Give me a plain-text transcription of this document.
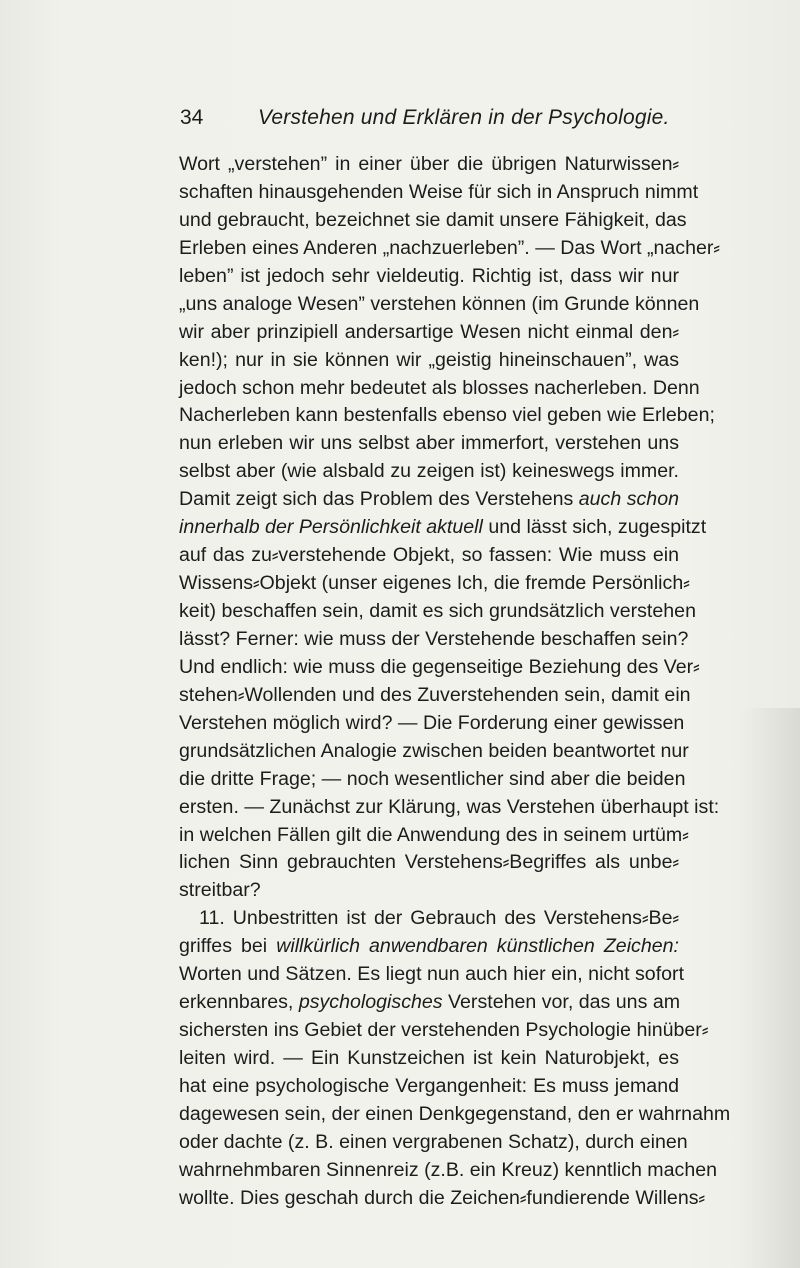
34	Verstehen und Erklären in der Psychologie.
Wort „verstehen” in einer über die übrigen Naturwissen⸗
schaften hinausgehenden Weise für sich in Anspruch nimmt
und gebraucht, bezeichnet sie damit unsere Fähigkeit, das
Erleben eines Anderen „nachzuerleben”. — Das Wort „nacher⸗
leben” ist jedoch sehr vieldeutig. Richtig ist, dass wir nur
„uns analoge Wesen” verstehen können (im Grunde können
wir aber prinzipiell andersartige Wesen nicht einmal den⸗
ken!); nur in sie können wir „geistig hineinschauen”, was
jedoch schon mehr bedeutet als blosses nacherleben. Denn
Nacherleben kann bestenfalls ebenso viel geben wie Erleben;
nun erleben wir uns selbst aber immerfort, verstehen uns
selbst aber (wie alsbald zu zeigen ist) keineswegs immer.
Damit zeigt sich das Problem des Verstehens auch schon
innerhalb der Persönlichkeit aktuell und lässt sich, zugespitzt
auf das zu⸗verstehende Objekt, so fassen: Wie muss ein
Wissens⸗Objekt (unser eigenes Ich, die fremde Persönlich⸗
keit) beschaffen sein, damit es sich grundsätzlich verstehen
lässt? Ferner: wie muss der Verstehende beschaffen sein?
Und endlich: wie muss die gegenseitige Beziehung des Ver⸗
stehen⸗Wollenden und des Zuverstehenden sein, damit ein
Verstehen möglich wird? — Die Forderung einer gewissen
grundsätzlichen Analogie zwischen beiden beantwortet nur
die dritte Frage; — noch wesentlicher sind aber die beiden
ersten. — Zunächst zur Klärung, was Verstehen überhaupt ist:
in welchen Fällen gilt die Anwendung des in seinem urtüm⸗
lichen Sinn gebrauchten Verstehens⸗Begriffes als unbe⸗
streitbar?
11. Unbestritten ist der Gebrauch des Verstehens⸗Be⸗
griffes bei willkürlich anwendbaren künstlichen Zeichen:
Worten und Sätzen. Es liegt nun auch hier ein, nicht sofort
erkennbares, psychologisches Verstehen vor, das uns am
sichersten ins Gebiet der verstehenden Psychologie hinüber⸗
leiten wird. — Ein Kunstzeichen ist kein Naturobjekt, es
hat eine psychologische Vergangenheit: Es muss jemand
dagewesen sein, der einen Denkgegenstand, den er wahrnahm
oder dachte (z. B. einen vergrabenen Schatz), durch einen
wahrnehmbaren Sinnenreiz (z.B. ein Kreuz) kenntlich machen
wollte. Dies geschah durch die Zeichen⸗fundierende Willens⸗
